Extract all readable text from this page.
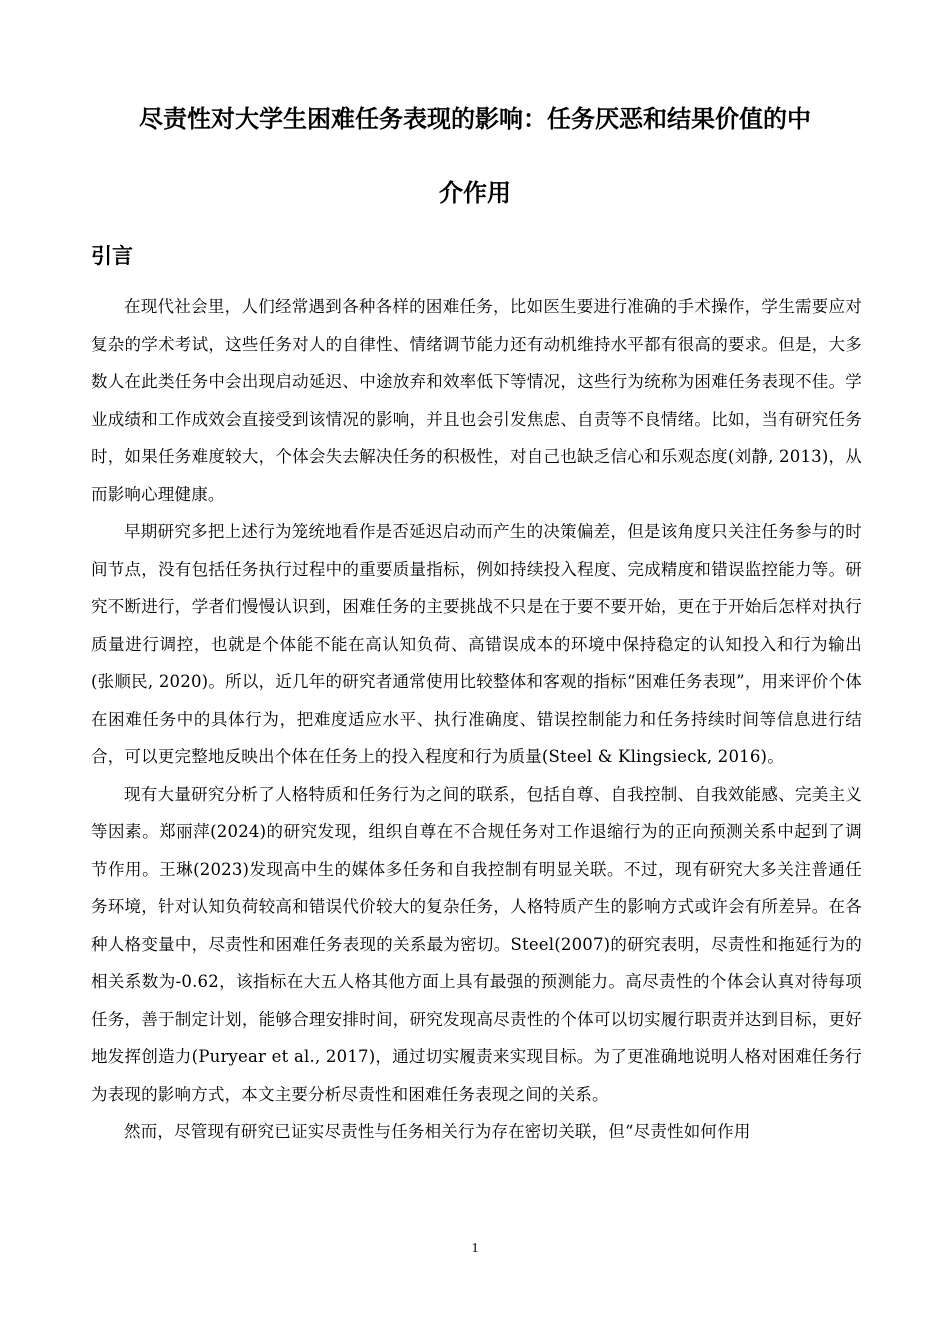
尽责性对大学生困难任务表现的影响：任务厌恶和结果价值的中
介作用
引言

在现代社会里，人们经常遇到各种各样的困难任务，比如医生要进行准确的手术操作，学生需要应对复杂的学术考试，这些任务对人的自律性、情绪调节能力还有动机维持水平都有很高的要求。但是，大多数人在此类任务中会出现启动延迟、中途放弃和效率低下等情况，这些行为统称为困难任务表现不佳。学业成绩和工作成效会直接受到该情况的影响，并且也会引发焦虑、自责等不良情绪。比如，当有研究任务时，如果任务难度较大，个体会失去解决任务的积极性，对自己也缺乏信心和乐观态度(刘静, 2013)，从而影响心理健康。

早期研究多把上述行为笼统地看作是否延迟启动而产生的决策偏差，但是该角度只关注任务参与的时间节点，没有包括任务执行过程中的重要质量指标，例如持续投入程度、完成精度和错误监控能力等。研究不断进行，学者们慢慢认识到，困难任务的主要挑战不只是在于要不要开始，更在于开始后怎样对执行质量进行调控，也就是个体能不能在高认知负荷、高错误成本的环境中保持稳定的认知投入和行为输出(张顺民, 2020)。所以，近几年的研究者通常使用比较整体和客观的指标“困难任务表现”，用来评价个体在困难任务中的具体行为，把难度适应水平、执行准确度、错误控制能力和任务持续时间等信息进行结合，可以更完整地反映出个体在任务上的投入程度和行为质量(Steel & Klingsieck, 2016)。

现有大量研究分析了人格特质和任务行为之间的联系，包括自尊、自我控制、自我效能感、完美主义等因素。郑丽萍(2024)的研究发现，组织自尊在不合规任务对工作退缩行为的正向预测关系中起到了调节作用。王琳(2023)发现高中生的媒体多任务和自我控制有明显关联。不过，现有研究大多关注普通任务环境，针对认知负荷较高和错误代价较大的复杂任务，人格特质产生的影响方式或许会有所差异。在各种人格变量中，尽责性和困难任务表现的关系最为密切。Steel(2007)的研究表明，尽责性和拖延行为的相关系数为-0.62，该指标在大五人格其他方面上具有最强的预测能力。高尽责性的个体会认真对待每项任务，善于制定计划，能够合理安排时间，研究发现高尽责性的个体可以切实履行职责并达到目标，更好地发挥创造力(Puryear et al., 2017)，通过切实履责来实现目标。为了更准确地说明人格对困难任务行为表现的影响方式，本文主要分析尽责性和困难任务表现之间的关系。

然而，尽管现有研究已证实尽责性与任务相关行为存在密切关联，但“尽责性如何作用

1
